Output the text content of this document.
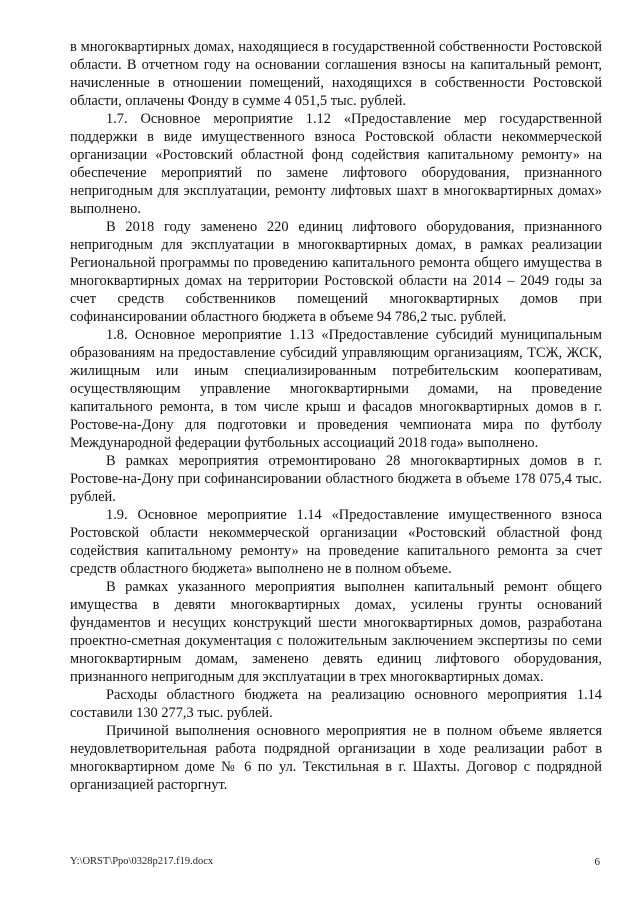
в многоквартирных домах, находящиеся в государственной собственности Ростовской области. В отчетном году на основании соглашения взносы на капитальный ремонт, начисленные в отношении помещений, находящихся в собственности Ростовской области, оплачены Фонду в сумме 4 051,5 тыс. рублей.

1.7. Основное мероприятие 1.12 «Предоставление мер государственной поддержки в виде имущественного взноса Ростовской области некоммерческой организации «Ростовский областной фонд содействия капитальному ремонту» на обеспечение мероприятий по замене лифтового оборудования, признанного непригодным для эксплуатации, ремонту лифтовых шахт в многоквартирных домах» выполнено.

В 2018 году заменено 220 единиц лифтового оборудования, признанного непригодным для эксплуатации в многоквартирных домах, в рамках реализации Региональной программы по проведению капитального ремонта общего имущества в многоквартирных домах на территории Ростовской области на 2014 – 2049 годы за счет средств собственников помещений многоквартирных домов при софинансировании областного бюджета в объеме 94 786,2 тыс. рублей.

1.8. Основное мероприятие 1.13 «Предоставление субсидий муниципальным образованиям на предоставление субсидий управляющим организациям, ТСЖ, ЖСК, жилищным или иным специализированным потребительским кооперативам, осуществляющим управление многоквартирными домами, на проведение капитального ремонта, в том числе крыш и фасадов многоквартирных домов в г. Ростове-на-Дону для подготовки и проведения чемпионата мира по футболу Международной федерации футбольных ассоциаций 2018 года» выполнено.

В рамках мероприятия отремонтировано 28 многоквартирных домов в г. Ростове-на-Дону при софинансировании областного бюджета в объеме 178 075,4 тыс. рублей.

1.9. Основное мероприятие 1.14 «Предоставление имущественного взноса Ростовской области некоммерческой организации «Ростовский областной фонд содействия капитальному ремонту» на проведение капитального ремонта за счет средств областного бюджета» выполнено не в полном объеме.

В рамках указанного мероприятия выполнен капитальный ремонт общего имущества в девяти многоквартирных домах, усилены грунты оснований фундаментов и несущих конструкций шести многоквартирных домов, разработана проектно-сметная документация с положительным заключением экспертизы по семи многоквартирным домам, заменено девять единиц лифтового оборудования, признанного непригодным для эксплуатации в трех многоквартирных домах.

Расходы областного бюджета на реализацию основного мероприятия 1.14 составили 130 277,3 тыс. рублей.

Причиной выполнения основного мероприятия не в полном объеме является неудовлетворительная работа подрядной организации в ходе реализации работ в многоквартирном доме № 6 по ул. Текстильная в г. Шахты. Договор с подрядной организацией расторгнут.

Y:\ORST\Ppo\0328p217.f19.docx	6
